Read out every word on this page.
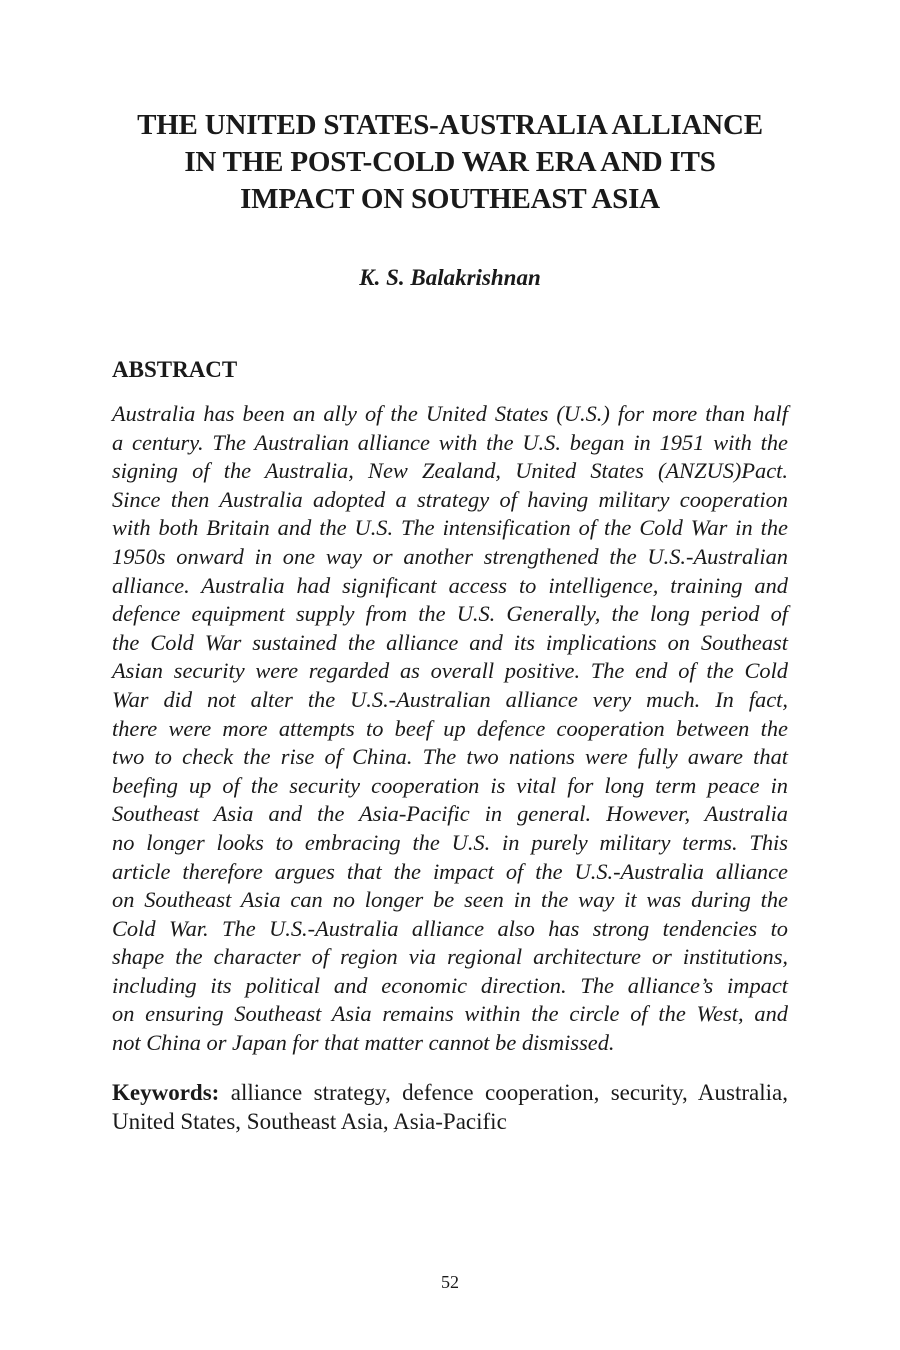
THE UNITED STATES-AUSTRALIA ALLIANCE
IN THE POST-COLD WAR ERA AND ITS
IMPACT ON SOUTHEAST ASIA

K. S. Balakrishnan

ABSTRACT
Australia has been an ally of the United States (U.S.) for more than half
a century. The Australian alliance with the U.S. began in 1951 with the
signing of the Australia, New Zealand, United States (ANZUS)Pact.
Since then Australia adopted a strategy of having military cooperation
with both Britain and the U.S. The intensification of the Cold War in the
1950s onward in one way or another strengthened the U.S.-Australian
alliance. Australia had significant access to intelligence, training and
defence equipment supply from the U.S. Generally, the long period of
the Cold War sustained the alliance and its implications on Southeast
Asian security were regarded as overall positive. The end of the Cold
War did not alter the U.S.-Australian alliance very much. In fact,
there were more attempts to beef up defence cooperation between the
two to check the rise of China. The two nations were fully aware that
beefing up of the security cooperation is vital for long term peace in
Southeast Asia and the Asia-Pacific in general. However, Australia
no longer looks to embracing the U.S. in purely military terms. This
article therefore argues that the impact of the U.S.-Australia alliance
on Southeast Asia can no longer be seen in the way it was during the
Cold War. The U.S.-Australia alliance also has strong tendencies to
shape the character of region via regional architecture or institutions,
including its political and economic direction. The alliance’s impact
on ensuring Southeast Asia remains within the circle of the West, and
not China or Japan for that matter cannot be dismissed.
Keywords: alliance strategy, defence cooperation, security, Australia,
United States, Southeast Asia, Asia-Pacific

52
